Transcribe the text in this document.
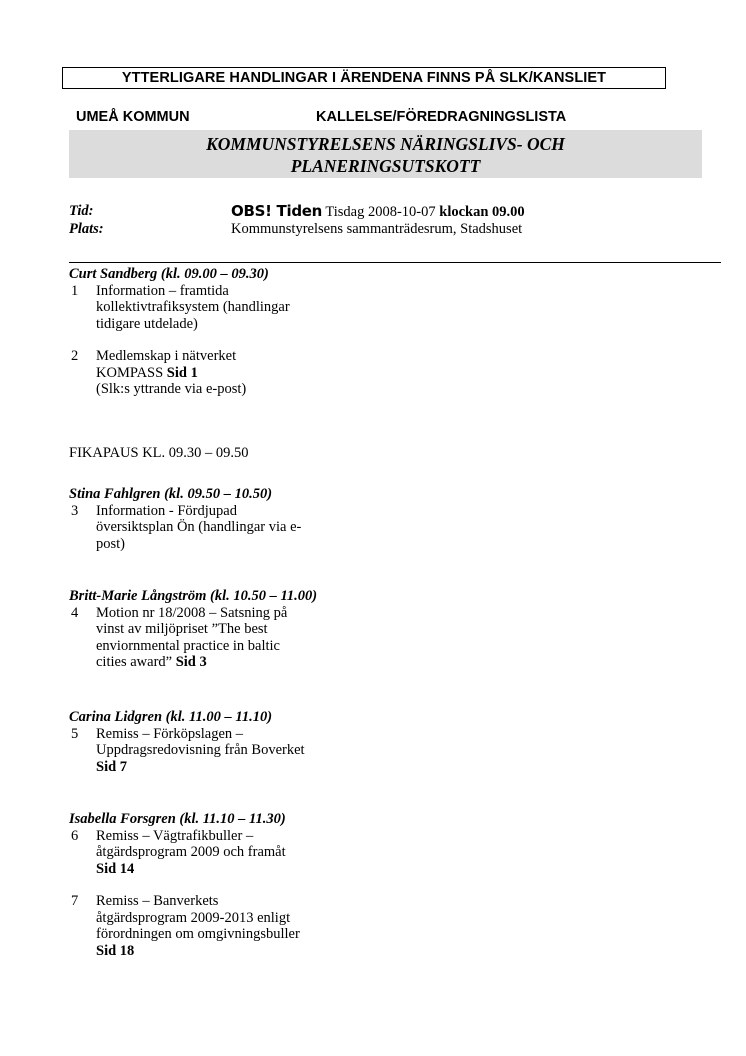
YTTERLIGARE HANDLINGAR I ÄRENDENA FINNS PÅ SLK/KANSLIET
UMEÅ KOMMUN	KALLELSE/FÖREDRAGNINGSLISTA
KOMMUNSTYRELSENS NÄRINGSLIVS- OCH
PLANERINGSUTSKOTT
Tid:	OBS! Tiden Tisdag 2008-10-07 klockan 09.00
Plats:	Kommunstyrelsens sammanträdesrum, Stadshuset

Curt Sandberg (kl. 09.00 – 09.30)

1 Information – framtida
kollektivtrafiksystem (handlingar
tidigare utdelade)
2 Medlemskap i nätverket
KOMPASS Sid 1
(Slk:s yttrande via e-post)
FIKAPAUS KL. 09.30 – 09.50

Stina Fahlgren (kl. 09.50 – 10.50)

3 Information - Fördjupad
översiktsplan Ön (handlingar via e-
post)

Britt-Marie Långström (kl. 10.50 – 11.00)

4 Motion nr 18/2008 – Satsning på
vinst av miljöpriset ”The best
enviornmental practice in baltic
cities award” Sid 3

Carina Lidgren (kl. 11.00 – 11.10)

5 Remiss – Förköpslagen –
Uppdragsredovisning från Boverket
Sid 7

Isabella Forsgren (kl. 11.10 – 11.30)

6 Remiss – Vägtrafikbuller –
åtgärdsprogram 2009 och framåt
Sid 14
7 Remiss – Banverkets
åtgärdsprogram 2009-2013 enligt
förordningen om omgivningsbuller
Sid 18
